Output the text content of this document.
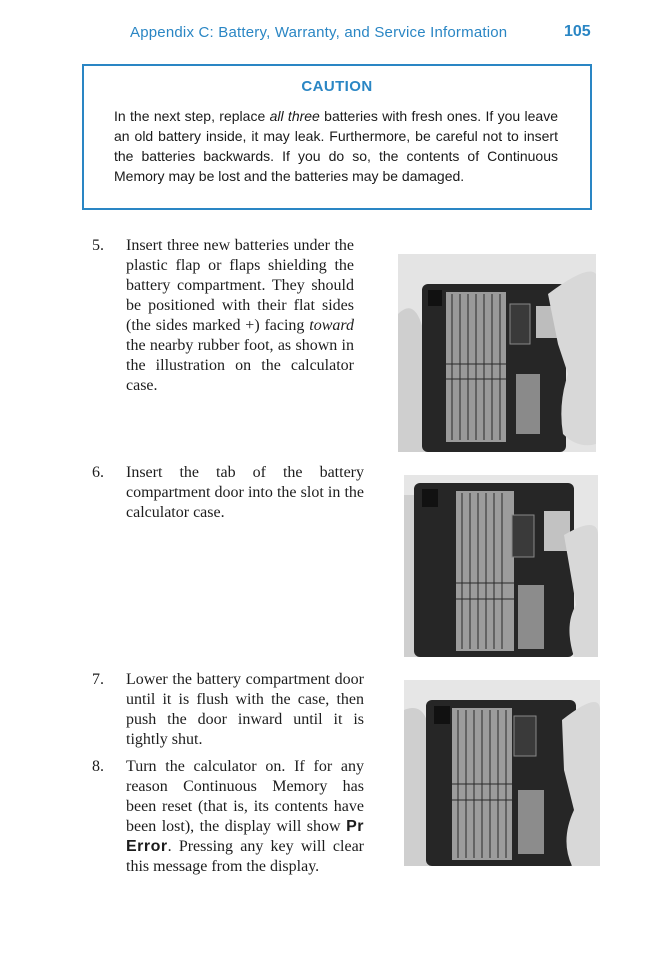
Appendix C: Battery, Warranty, and Service Information	105
CAUTION
In the next step, replace all three batteries with fresh ones. If you leave an old battery inside, it may leak. Furthermore, be careful not to insert the batteries backwards. If you do so, the contents of Continuous Memory may be lost and the batteries may be damaged.
5. Insert three new batteries under the plastic flap or flaps shielding the battery compartment. They should be positioned with their flat sides (the sides marked +) facing toward the nearby rubber foot, as shown in the illustration on the calculator case.
6. Insert the tab of the battery compartment door into the slot in the calculator case.
7. Lower the battery compartment door until it is flush with the case, then push the door inward until it is tightly shut.
8. Turn the calculator on. If for any reason Continuous Memory has been reset (that is, its contents have been lost), the display will show Pr Error. Pressing any key will clear this message from the display.
